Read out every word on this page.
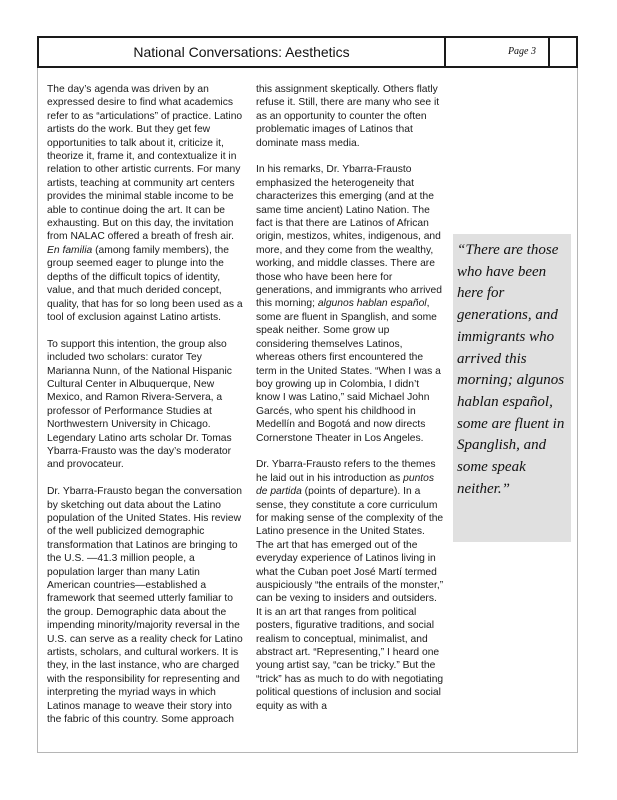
National Conversations: Aesthetics	Page 3

The day’s agenda was driven by an expressed desire to find what academics refer to as “articulations” of practice. Latino artists do the work. But they get few opportunities to talk about it, criticize it, theorize it, frame it, and contextualize it in relation to other artistic currents. For many artists, teaching at community art centers provides the minimal stable income to be able to continue doing the art. It can be exhausting. But on this day, the invitation from NALAC offered a breath of fresh air. En familia (among family members), the group seemed eager to plunge into the depths of the difficult topics of identity, value, and that much derided concept, quality, that has for so long been used as a tool of exclusion against Latino artists.

To support this intention, the group also included two scholars: curator Tey Marianna Nunn, of the National Hispanic Cultural Center in Albuquerque, New Mexico, and Ramon Rivera-Servera, a professor of Performance Studies at Northwestern University in Chicago. Legendary Latino arts scholar Dr. Tomas Ybarra-Frausto was the day’s moderator and provocateur.

Dr. Ybarra-Frausto began the conversation by sketching out data about the Latino population of the United States. His review of the well publicized demographic transformation that Latinos are bringing to the U.S. —41.3 million people, a population larger than many Latin American countries—established a framework that seemed utterly familiar to the group. Demographic data about the impending minority/majority reversal in the U.S. can serve as a reality check for Latino artists, scholars, and cultural workers. It is they, in the last instance, who are charged with the responsibility for representing and interpreting the myriad ways in which Latinos manage to weave their story into the fabric of this country. Some approach

this assignment skeptically. Others flatly refuse it. Still, there are many who see it as an opportunity to counter the often problematic images of Latinos that dominate mass media.

In his remarks, Dr. Ybarra-Frausto emphasized the heterogeneity that characterizes this emerging (and at the same time ancient) Latino Nation. The fact is that there are Latinos of African origin, mestizos, whites, indigenous, and more, and they come from the wealthy, working, and middle classes. There are those who have been here for generations, and immigrants who arrived this morning; algunos hablan español, some are fluent in Spanglish, and some speak neither. Some grow up considering themselves Latinos, whereas others first encountered the term in the United States. “When I was a boy growing up in Colombia, I didn’t know I was Latino,” said Michael John Garcés, who spent his childhood in Medellín and Bogotá and now directs Cornerstone Theater in Los Angeles.

Dr. Ybarra-Frausto refers to the themes he laid out in his introduction as puntos de partida (points of departure). In a sense, they constitute a core curriculum for making sense of the complexity of the Latino presence in the United States. The art that has emerged out of the everyday experience of Latinos living in what the Cuban poet José Martí termed auspiciously “the entrails of the monster,” can be vexing to insiders and outsiders. It is an art that ranges from political posters, figurative traditions, and social realism to conceptual, minimalist, and abstract art. “Representing,” I heard one young artist say, “can be tricky.” But the “trick” has as much to do with negotiating political questions of inclusion and social equity as with a

“There are those who have been here for generations, and immigrants who arrived this morning; algunos hablan español, some are fluent in Spanglish, and some speak neither.”
